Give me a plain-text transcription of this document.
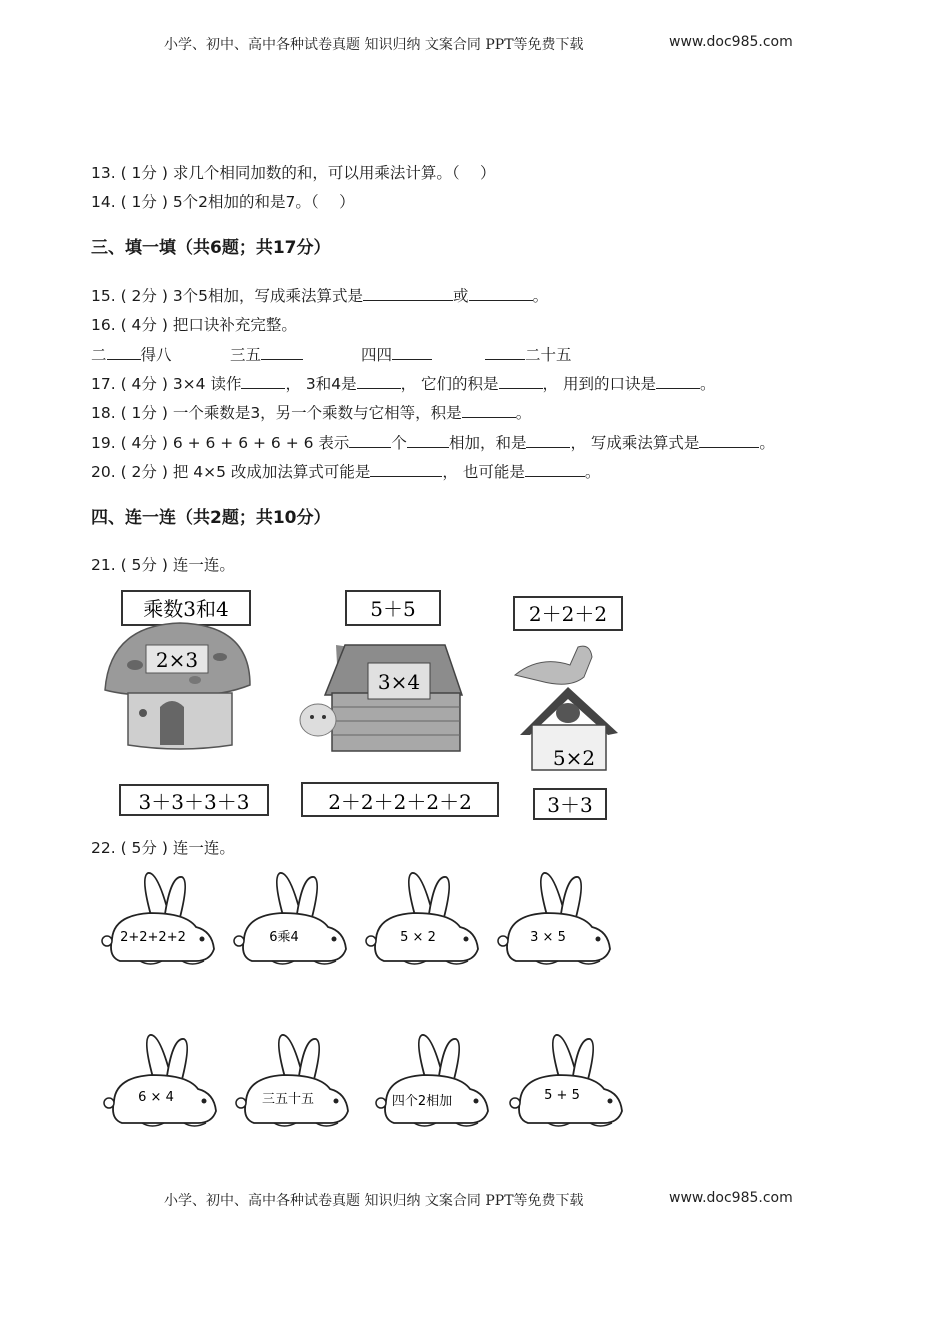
小学、初中、高中各种试卷真题 知识归纳 文案合同 PPT等免费下载	www.doc985.com
13. ( 1分 ) 求几个相同加数的和，可以用乘法计算。（　 ）
14. ( 1分 ) 5个2相加的和是7。（　 ）
三、填一填（共6题；共17分）
15. ( 2分 ) 3个5相加，写成乘法算式是	或	。
16. ( 4分 ) 把口诀补充完整。
二 得八	三五	四四	二十五
17. ( 4分 ) 3×4 读作	， 3和4是	， 它们的积是	， 用到的口诀是	。
18. ( 1分 ) 一个乘数是3，另一个乘数与它相等，积是	。
19. ( 4分 ) 6 + 6 + 6 + 6 + 6 表示	个	相加，和是	， 写成乘法算式是	。
20. ( 2分 ) 把 4×5 改成加法算式可能是	， 也可能是	。
四、连一连（共2题；共10分）
21. ( 5分 ) 连一连。
乘数3和4	5＋5	2＋2＋2
2×3
3×4
5×2
3＋3＋3＋3	2＋2＋2＋2＋2	3＋3
22. ( 5分 ) 连一连。
2+2+2+2	6乘4	5 × 2	3 × 5
6 × 4	三五十五	四个2相加	5 + 5
小学、初中、高中各种试卷真题 知识归纳 文案合同 PPT等免费下载	www.doc985.com
